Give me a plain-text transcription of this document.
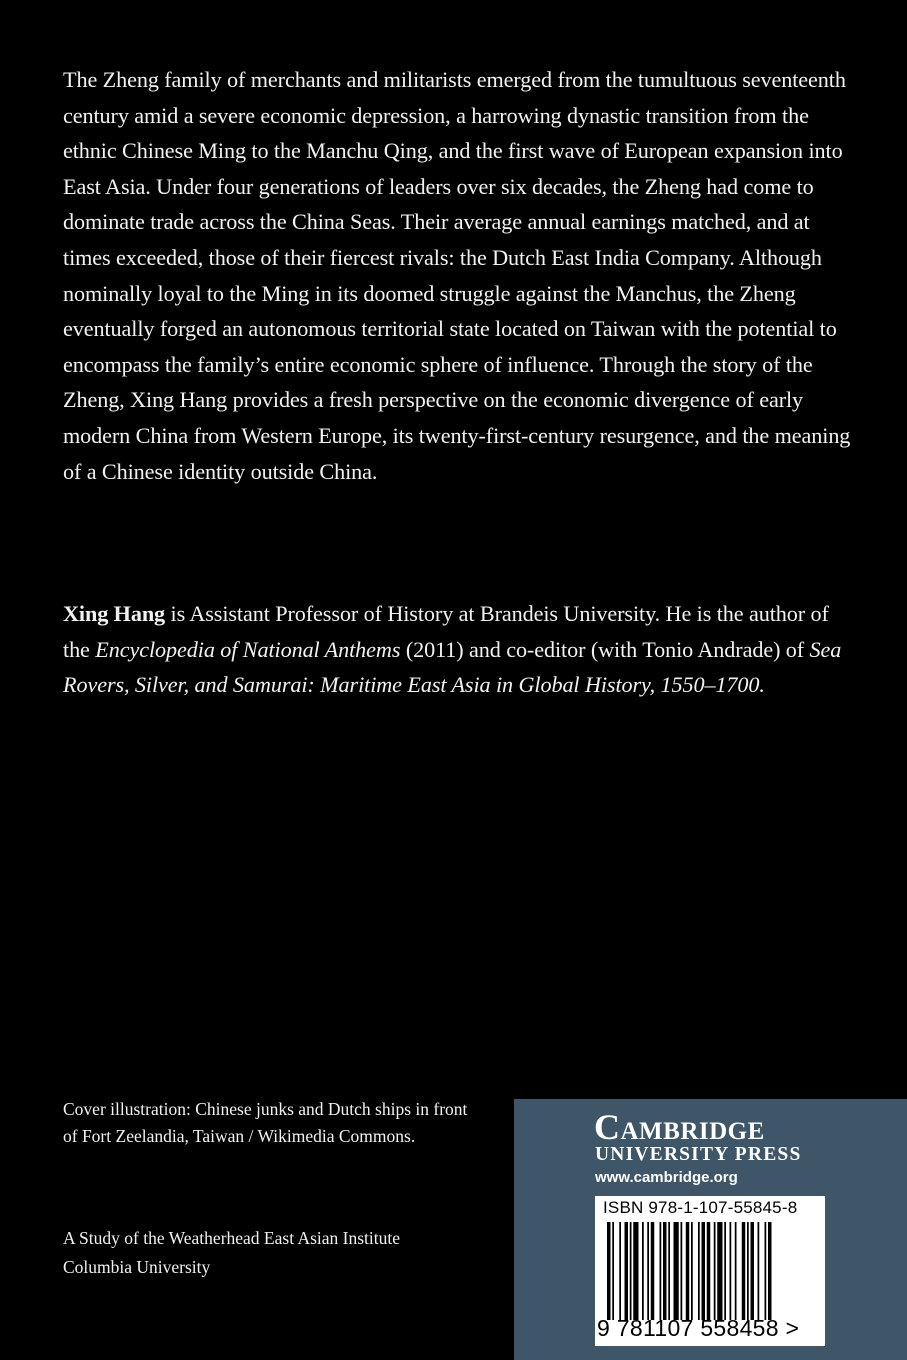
The Zheng family of merchants and militarists emerged from the tumultuous seventeenth century amid a severe economic depression, a harrowing dynastic transition from the ethnic Chinese Ming to the Manchu Qing, and the first wave of European expansion into East Asia. Under four generations of leaders over six decades, the Zheng had come to dominate trade across the China Seas. Their average annual earnings matched, and at times exceeded, those of their fiercest rivals: the Dutch East India Company. Although nominally loyal to the Ming in its doomed struggle against the Manchus, the Zheng eventually forged an autonomous territorial state located on Taiwan with the potential to encompass the family’s entire economic sphere of influence. Through the story of the Zheng, Xing Hang provides a fresh perspective on the economic divergence of early modern China from Western Europe, its twenty-first-century resurgence, and the meaning of a Chinese identity outside China.

Xing Hang is Assistant Professor of History at Brandeis University. He is the author of the Encyclopedia of National Anthems (2011) and co-editor (with Tonio Andrade) of Sea Rovers, Silver, and Samurai: Maritime East Asia in Global History, 1550–1700.

Cover illustration: Chinese junks and Dutch ships in front of Fort Zeelandia, Taiwan / Wikimedia Commons.

A Study of the Weatherhead East Asian Institute
Columbia University

Cambridge
UNIVERSITY PRESS
www.cambridge.org
ISBN 978-1-107-55845-8
9 781107 558458 >
